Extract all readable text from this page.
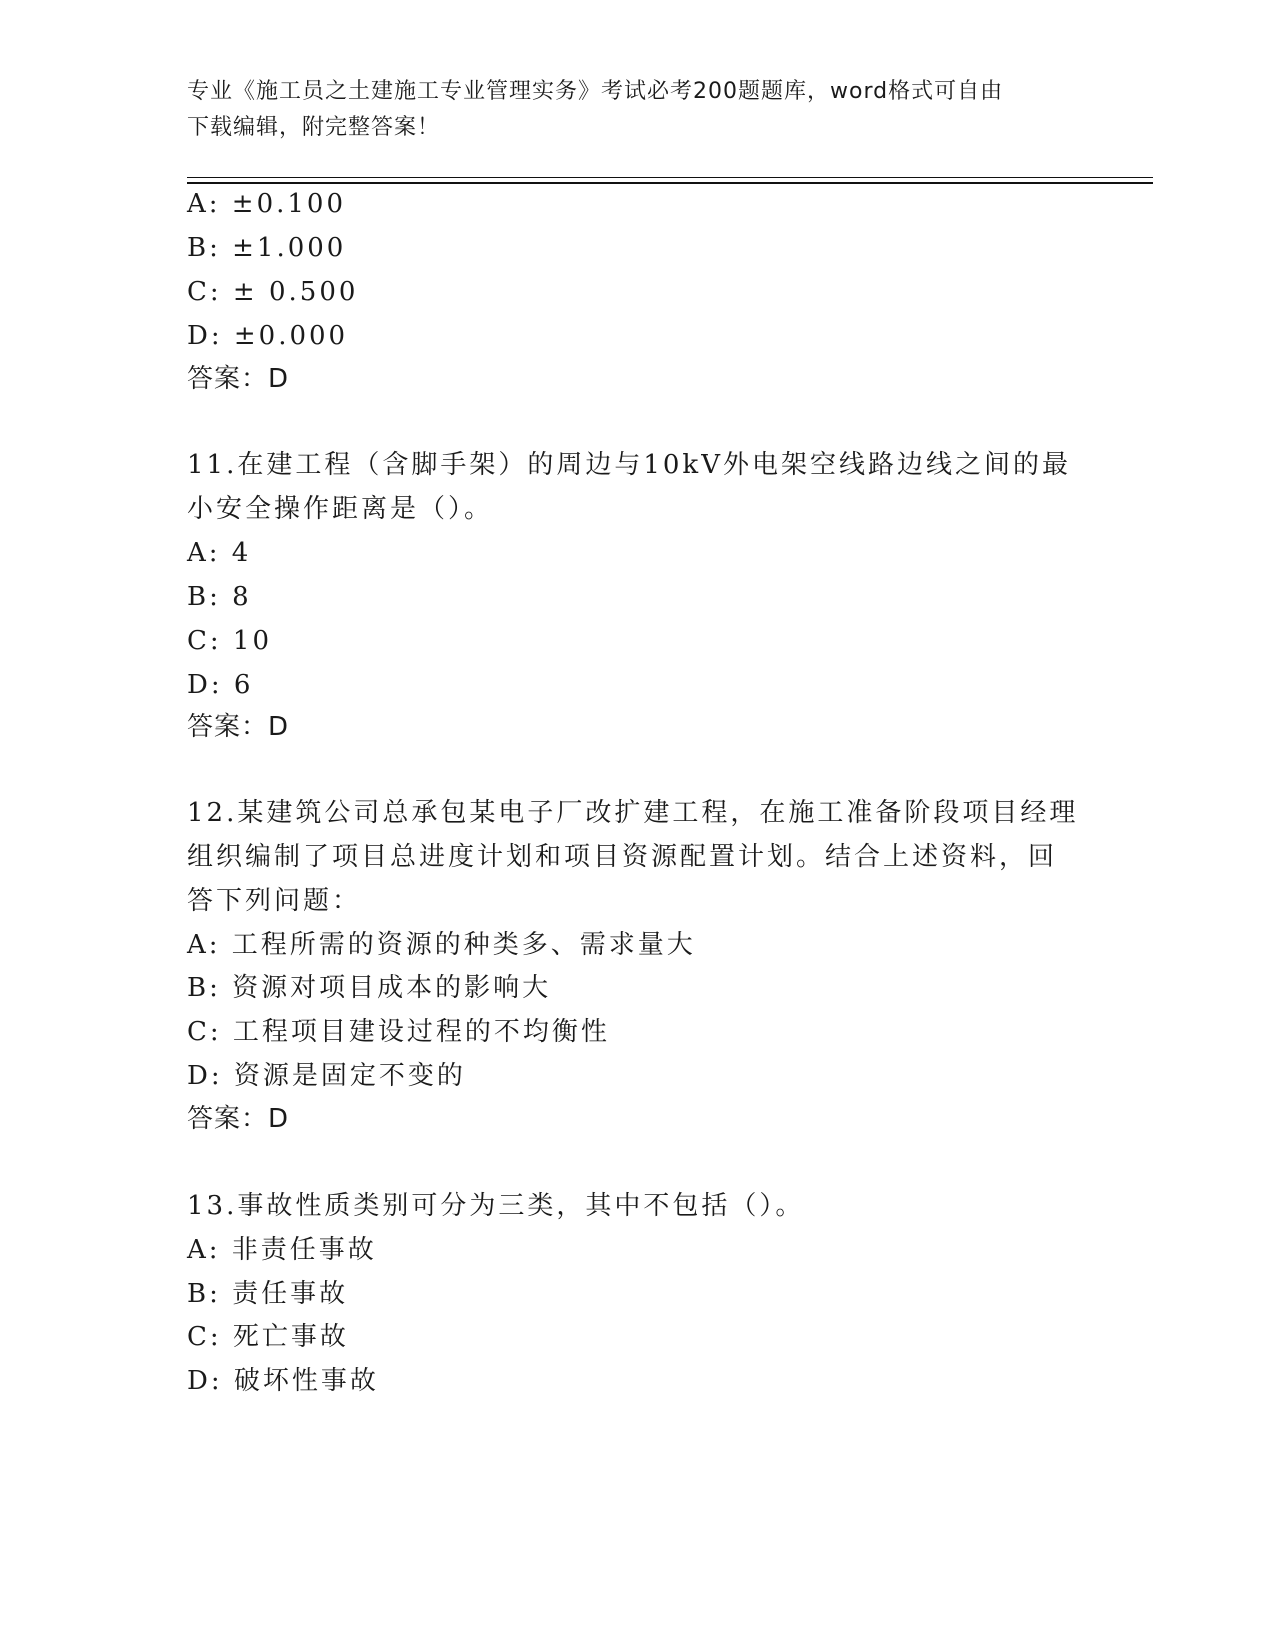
专业《施工员之土建施工专业管理实务》考试必考200题题库，word格式可自由
下载编辑，附完整答案！
A: ±0.100
B: ±1.000
C: ± 0.500
D: ±0.000
答案：D
11.在建工程（含脚手架）的周边与10kV外电架空线路边线之间的最
小安全操作距离是（）。
A: 4
B: 8
C: 10
D: 6
答案：D
12.某建筑公司总承包某电子厂改扩建工程，在施工准备阶段项目经理
组织编制了项目总进度计划和项目资源配置计划。结合上述资料，回
答下列问题：
A: 工程所需的资源的种类多、需求量大
B: 资源对项目成本的影响大
C: 工程项目建设过程的不均衡性
D: 资源是固定不变的
答案：D
13.事故性质类别可分为三类，其中不包括（）。
A: 非责任事故
B: 责任事故
C: 死亡事故
D: 破坏性事故
